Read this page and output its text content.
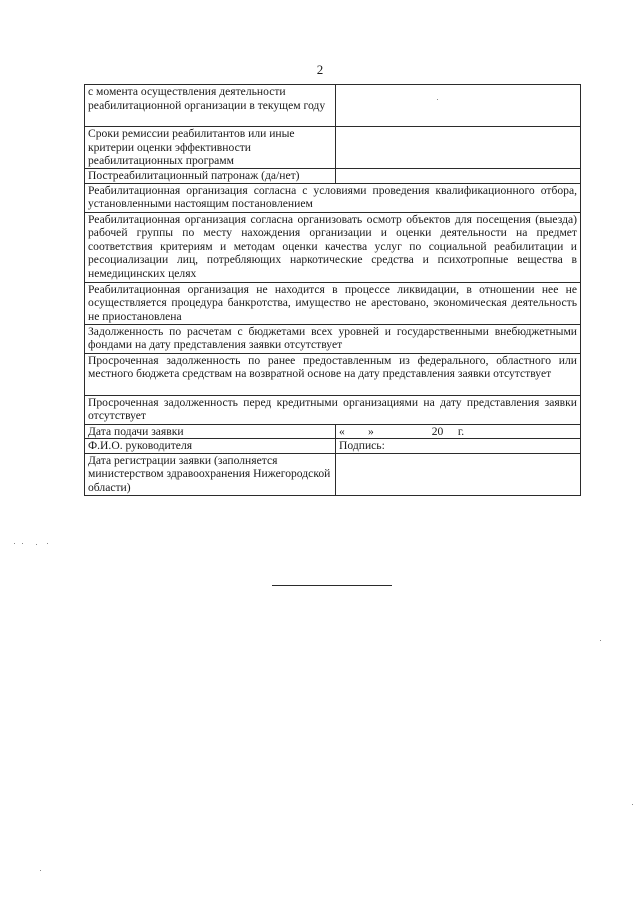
2
с момента осуществления деятельности реабилитационной организации в текущем году	
Сроки ремиссии реабилитантов или иные критерии оценки эффективности реабилитационных программ	
Постреабилитационный патронаж (да/нет)	
Реабилитационная организация согласна с условиями проведения квалификационного отбора, установленными настоящим постановлением	
Реабилитационная организация согласна организовать осмотр объектов для посещения (выезда) рабочей группы по месту нахождения организации и оценки деятельности на предмет соответствия критериям и методам оценки качества услуг по социальной реабилитации и ресоциализации лиц, потребляющих наркотические средства и психотропные вещества в немедицинских целях	
Реабилитационная организация не находится в процессе ликвидации, в отношении нее не осуществляется процедура банкротства, имущество не арестовано, экономическая деятельность не приостановлена	
Задолженность по расчетам с бюджетами всех уровней и государственными внебюджетными фондами на дату представления заявки отсутствует	
Просроченная задолженность по ранее предоставленным из федерального, областного или местного бюджета средствам на возвратной основе на дату представления заявки отсутствует	
Просроченная задолженность перед кредитными организациями на дату представления заявки отсутствует	
Дата подачи заявки	«        »                    20     г.
Ф.И.О. руководителя	Подпись:
Дата регистрации заявки (заполняется министерством здравоохранения Нижегородской области)	
